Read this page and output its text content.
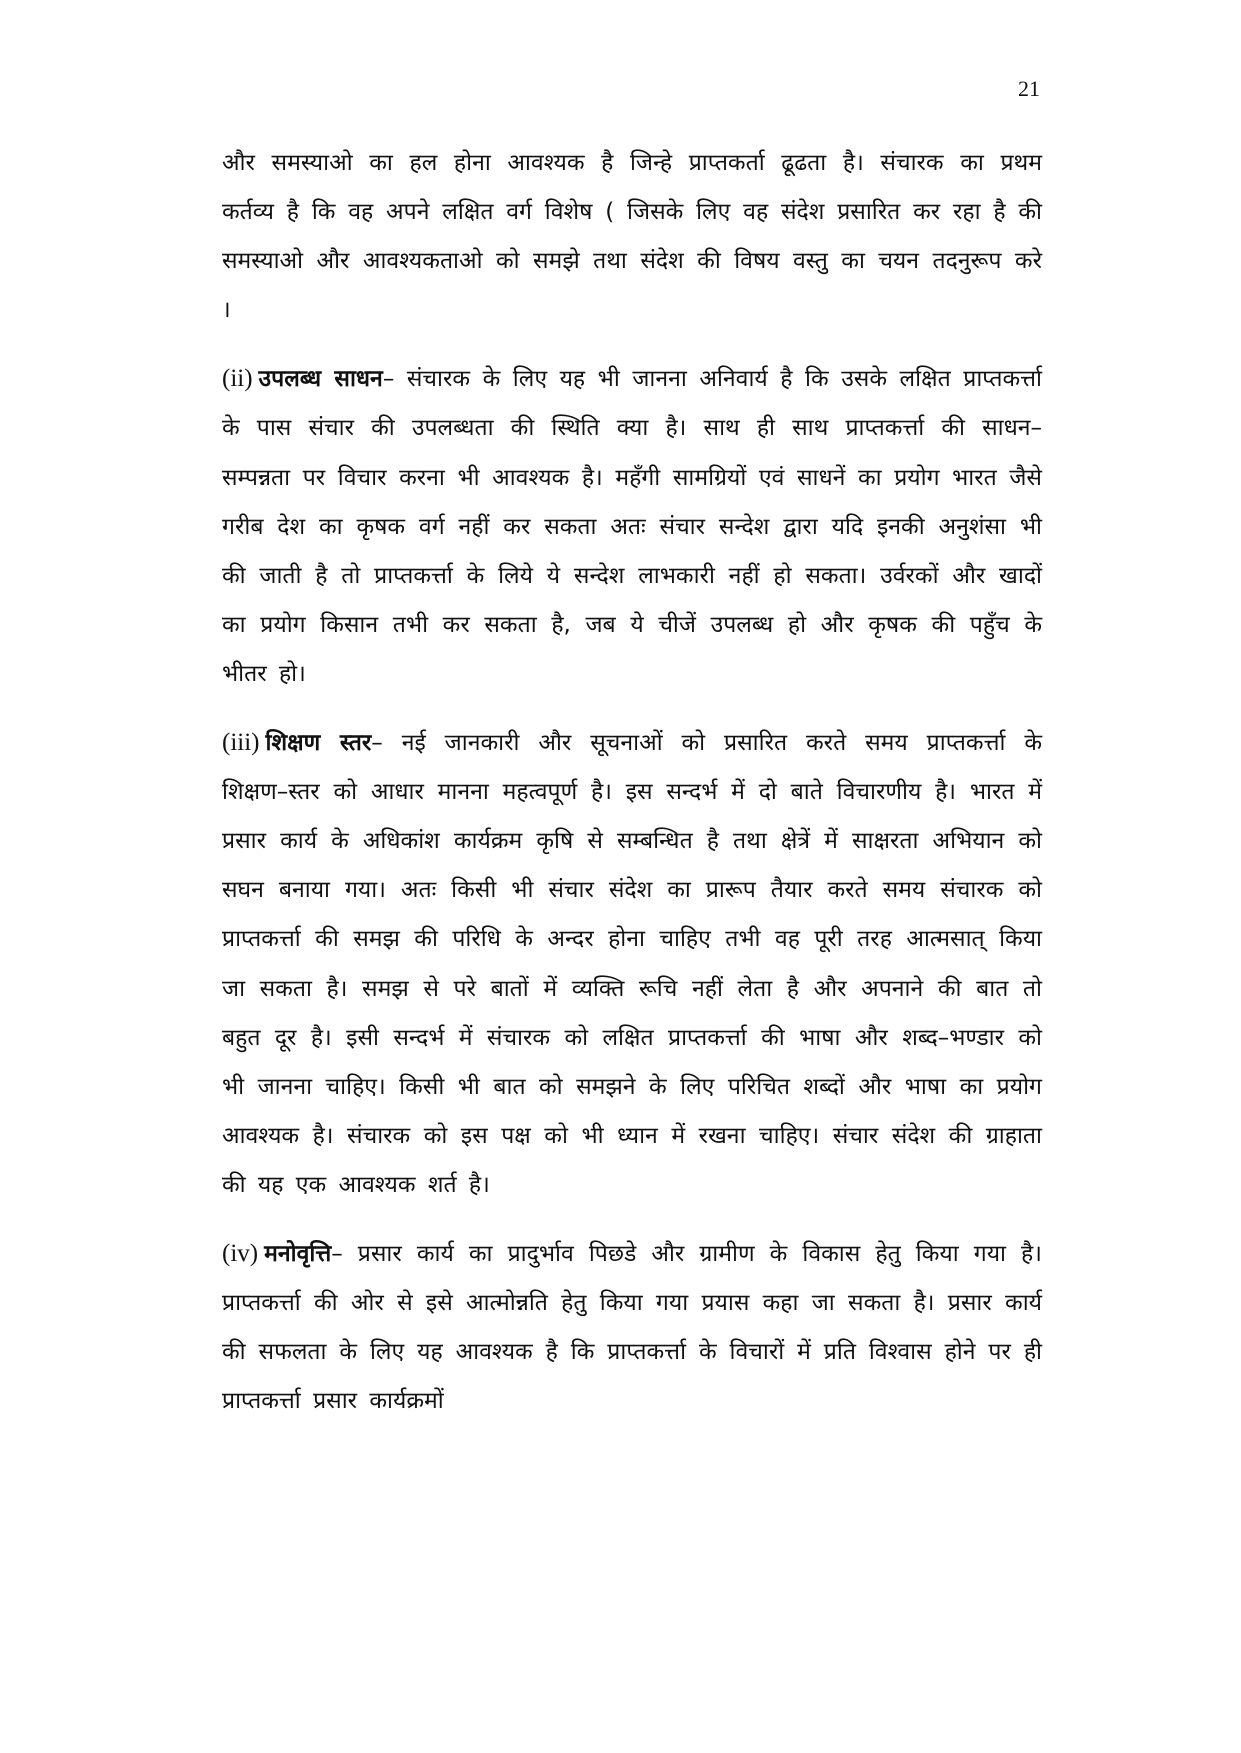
21

और समस्याओ का हल होना आवश्यक है जिन्हे प्राप्तकर्ता ढूढता है। संचारक का प्रथम कर्तव्य है कि वह अपने लक्षित वर्ग विशेष ( जिसके लिए वह संदेश प्रसारित कर रहा है की समस्याओ और आवश्यकताओ को समझे तथा संदेश की विषय वस्तु का चयन तदनुरूप करे ।

(ii) उपलब्ध साधन– संचारक के लिए यह भी जानना अनिवार्य है कि उसके लक्षित प्राप्तकर्त्ता के पास संचार की उपलब्धता की स्थिति क्या है। साथ ही साथ प्राप्तकर्त्ता की साधन–सम्पन्नता पर विचार करना भी आवश्यक है। महँगी सामग्रियों एवं साधनें का प्रयोग भारत जैसे गरीब देश का कृषक वर्ग नहीं कर सकता अतः संचार सन्देश द्वारा यदि इनकी अनुशंसा भी की जाती है तो प्राप्तकर्त्ता के लिये ये सन्देश लाभकारी नहीं हो सकता। उर्वरकों और खादों का प्रयोग किसान तभी कर सकता है, जब ये चीजें उपलब्ध हो और कृषक की पहुँच के भीतर हो।

(iii) शिक्षण स्तर– नई जानकारी और सूचनाओं को प्रसारित करते समय प्राप्तकर्त्ता के शिक्षण–स्तर को आधार मानना महत्वपूर्ण है। इस सन्दर्भ में दो बाते विचारणीय है। भारत में प्रसार कार्य के अधिकांश कार्यक्रम कृषि से सम्बन्धित है तथा क्षेत्रें में साक्षरता अभियान को सघन बनाया गया। अतः किसी भी संचार संदेश का प्रारूप तैयार करते समय संचारक को प्राप्तकर्त्ता की समझ की परिधि के अन्दर होना चाहिए तभी वह पूरी तरह आत्मसात् किया जा सकता है। समझ से परे बातों में व्यक्ति रूचि नहीं लेता है और अपनाने की बात तो बहुत दूर है। इसी सन्दर्भ में संचारक को लक्षित प्राप्तकर्त्ता की भाषा और शब्द–भण्डार को भी जानना चाहिए। किसी भी बात को समझने के लिए परिचित शब्दों और भाषा का प्रयोग आवश्यक है। संचारक को इस पक्ष को भी ध्यान में रखना चाहिए। संचार संदेश की ग्राहाता की यह एक आवश्यक शर्त है।

(iv) मनोवृत्ति– प्रसार कार्य का प्रादुर्भाव पिछडे और ग्रामीण के विकास हेतु किया गया है। प्राप्तकर्त्ता की ओर से इसे आत्मोन्नति हेतु किया गया प्रयास कहा जा सकता है। प्रसार कार्य की सफलता के लिए यह आवश्यक है कि प्राप्तकर्त्ता के विचारों में प्रति विश्वास होने पर ही प्राप्तकर्त्ता प्रसार कार्यक्रमों
